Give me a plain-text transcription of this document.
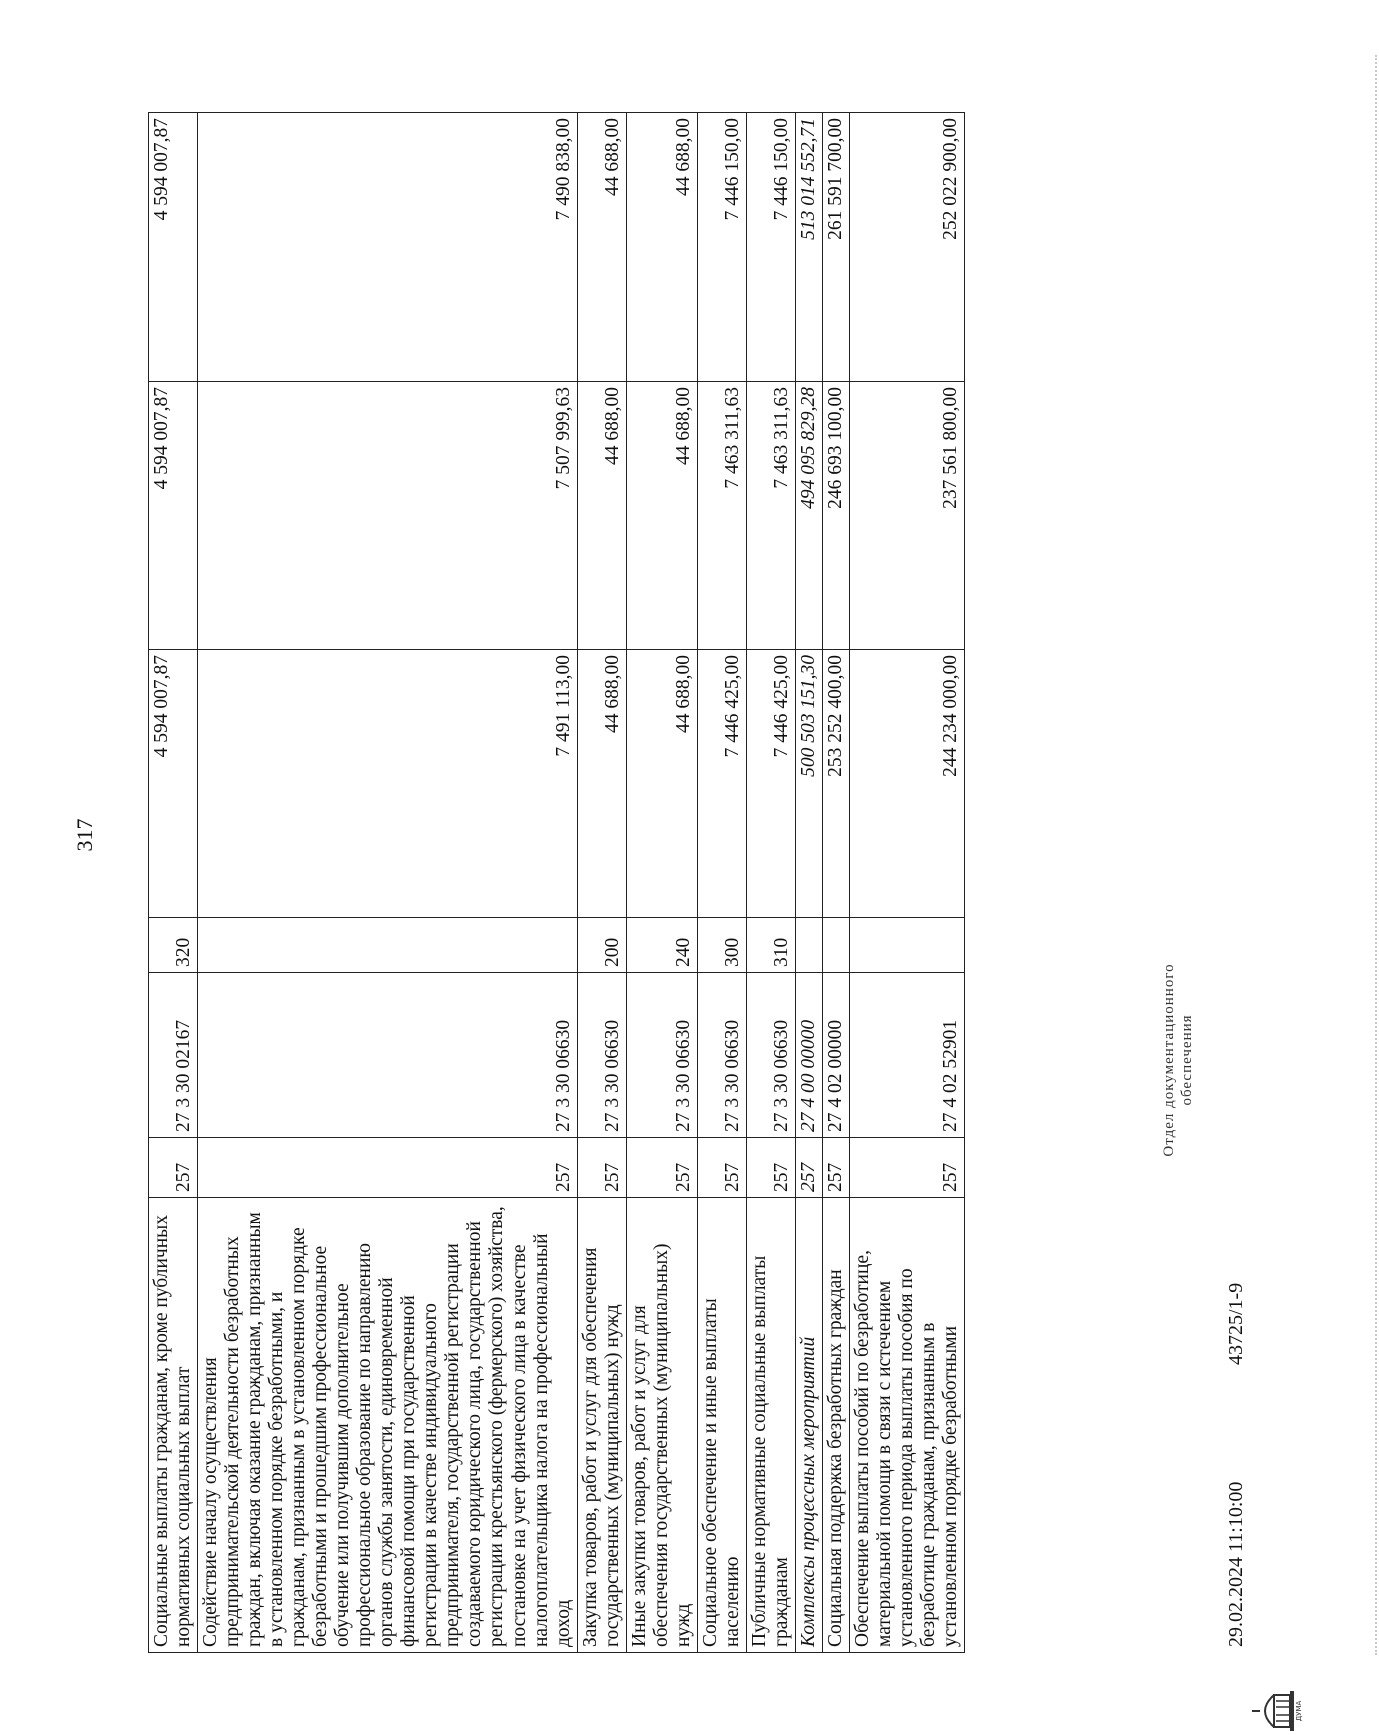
317
Социальные выплаты гражданам, кроме публичных нормативных социальных выплат	257	27 3 30 02167	320	4 594 007,87	4 594 007,87	4 594 007,87
Содействие началу осуществления предпринимательской деятельности безработных граждан, включая оказание гражданам, признанным в установленном порядке безработными, и гражданам, признанным в установленном порядке безработными и прошедшим профессиональное обучение или получившим дополнительное профессиональное образование по направлению органов службы занятости, единовременной финансовой помощи при государственной регистрации в качестве индивидуального предпринимателя, государственной регистрации создаваемого юридического лица, государственной регистрации крестьянского (фермерского) хозяйства, постановке на учет физического лица в качестве налогоплательщика налога на профессиональный доход	257	27 3 30 06630		7 491 113,00	7 507 999,63	7 490 838,00
Закупка товаров, работ и услуг для обеспечения государственных (муниципальных) нужд	257	27 3 30 06630	200	44 688,00	44 688,00	44 688,00
Иные закупки товаров, работ и услуг для обеспечения государственных (муниципальных) нужд	257	27 3 30 06630	240	44 688,00	44 688,00	44 688,00
Социальное обеспечение и иные выплаты населению	257	27 3 30 06630	300	7 446 425,00	7 463 311,63	7 446 150,00
Публичные нормативные социальные выплаты гражданам	257	27 3 30 06630	310	7 446 425,00	7 463 311,63	7 446 150,00
Комплексы процессных мероприятий	257	27 4 00 00000		500 503 151,30	494 095 829,28	513 014 552,71
Социальная поддержка безработных граждан	257	27 4 02 00000		253 252 400,00	246 693 100,00	261 591 700,00
Обеспечение выплаты пособий по безработице, материальной помощи в связи с истечением установленного периода выплаты пособия по безработице гражданам, признанным в установленном порядке безработными	257	27 4 02 52901		244 234 000,00	237 561 800,00	252 022 900,00
Отдел документационного обеспечения
29.02.2024 11:10:00
43725/1-9
ДУМА
